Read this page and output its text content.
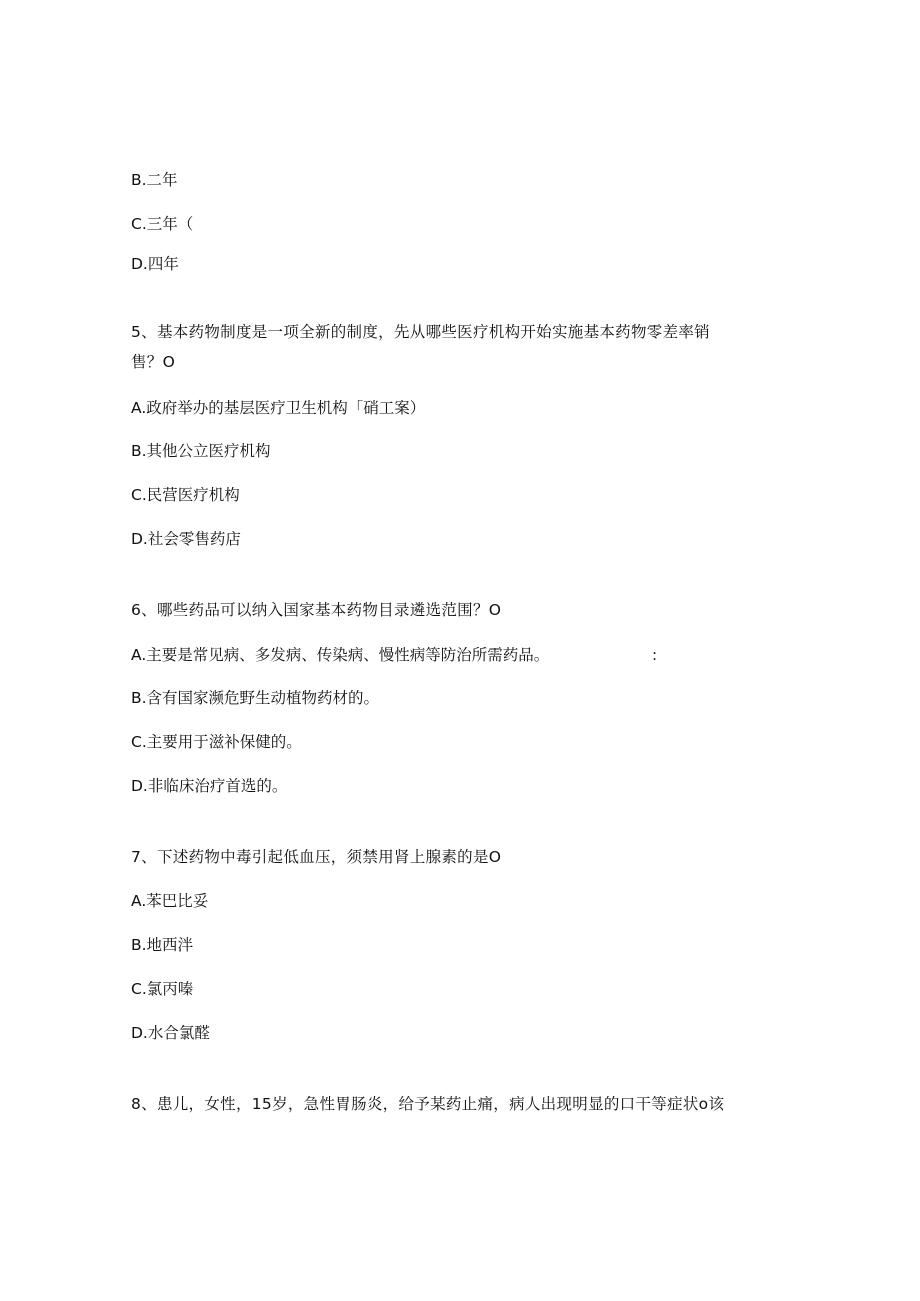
B.二年
C.三年（
D.四年
5、基本药物制度是一项全新的制度，先从哪些医疗机构开始实施基本药物零差率销
售？O
A.政府举办的基层医疗卫生机构「硝工案）
B.其他公立医疗机构
C.民营医疗机构
D.社会零售药店
6、哪些药品可以纳入国家基本药物目录遴选范围？O
A.主要是常见病、多发病、传染病、慢性病等防治所需药品。	:
B.含有国家濒危野生动植物药材的。
C.主要用于滋补保健的。
D.非临床治疗首选的。
7、下述药物中毒引起低血压，须禁用肾上腺素的是O
A.苯巴比妥
B.地西泮
C.氯丙嗪
D.水合氯醛
8、患儿，女性，15岁，急性胃肠炎，给予某药止痛，病人出现明显的口干等症状o该
